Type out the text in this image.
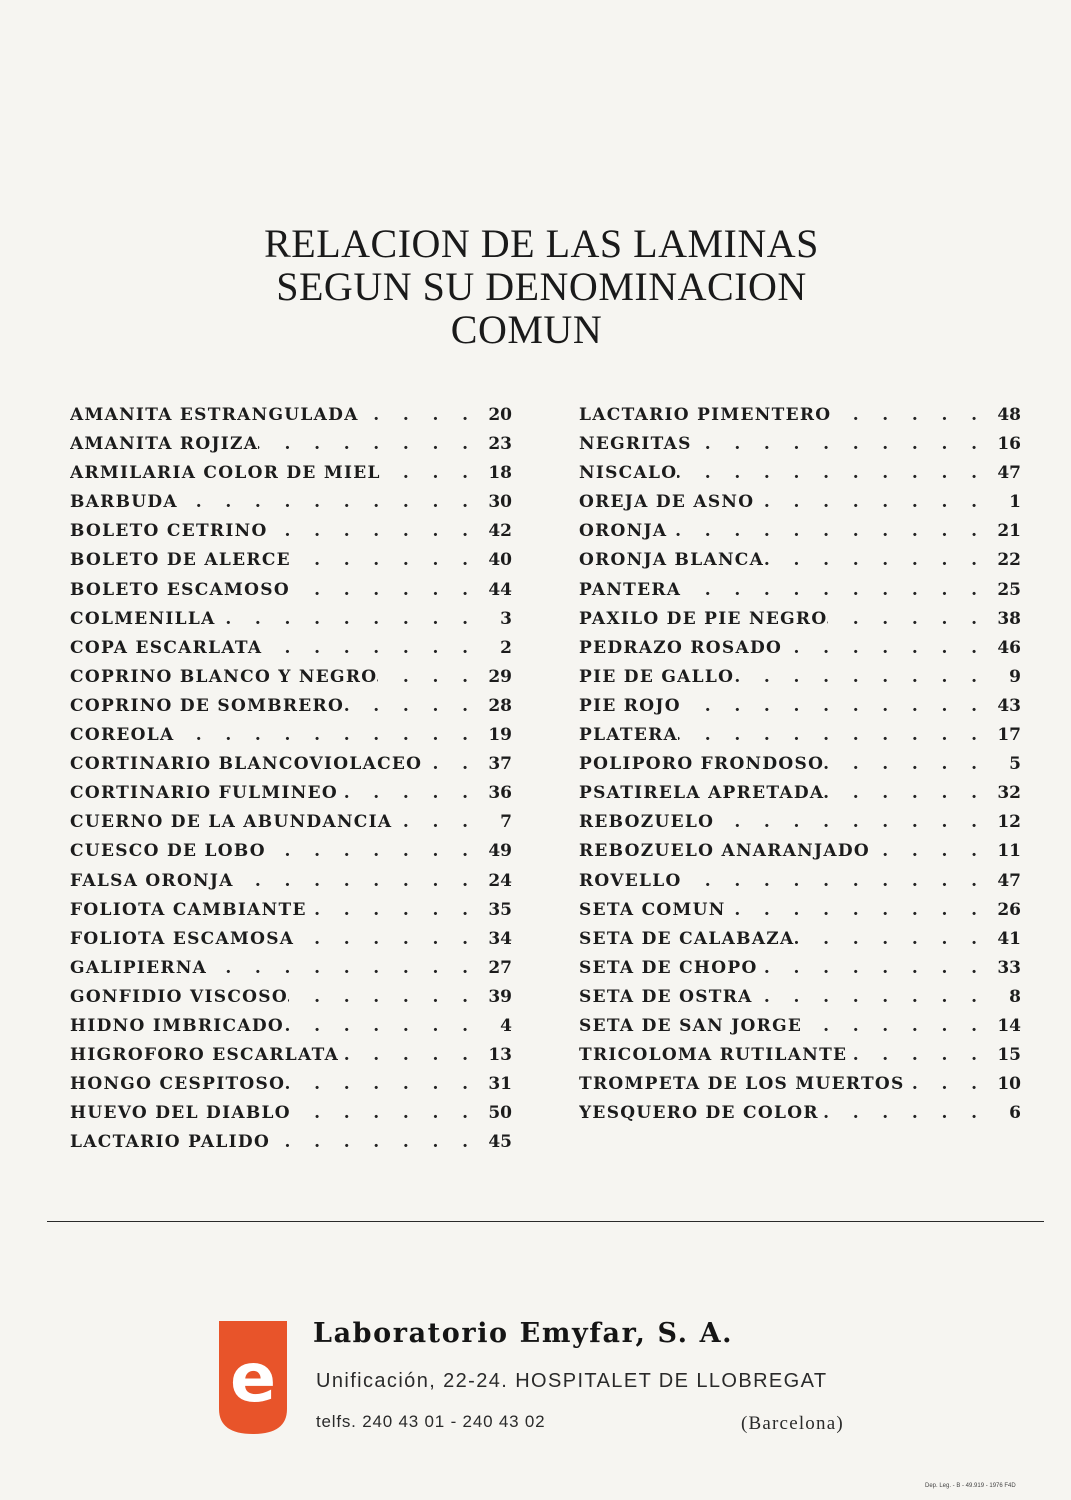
RELACION DE LAS LAMINAS
SEGUN SU DENOMINACION
COMUN
AMANITA ESTRANGULADA .	20
AMANITA ROJIZA .	23
ARMILARIA COLOR DE MIEL .	18
BARBUDA .	30
BOLETO CETRINO .	42
BOLETO DE ALERCE .	40
BOLETO ESCAMOSO .	44
COLMENILLA .	3
COPA ESCARLATA .	2
COPRINO BLANCO Y NEGRO .	29
COPRINO DE SOMBRERO .	28
COREOLA .	19
CORTINARIO BLANCOVIOLACEO .	37
CORTINARIO FULMINEO .	36
CUERNO DE LA ABUNDANCIA .	7
CUESCO DE LOBO .	49
FALSA ORONJA .	24
FOLIOTA CAMBIANTE .	35
FOLIOTA ESCAMOSA .	34
GALIPIERNA .	27
GONFIDIO VISCOSO .	39
HIDNO IMBRICADO .	4
HIGROFORO ESCARLATA .	13
HONGO CESPITOSO .	31
HUEVO DEL DIABLO .	50
LACTARIO PALIDO .	45
LACTARIO PIMENTERO .	48
NEGRITAS .	16
NISCALO .	47
OREJA DE ASNO .	1
ORONJA .	21
ORONJA BLANCA .	22
PANTERA .	25
PAXILO DE PIE NEGRO .	38
PEDRAZO ROSADO .	46
PIE DE GALLO .	9
PIE ROJO .	43
PLATERA .	17
POLIPORO FRONDOSO .	5
PSATIRELA APRETADA .	32
REBOZUELO .	12
REBOZUELO ANARANJADO .	11
ROVELLO .	47
SETA COMUN .	26
SETA DE CALABAZA .	41
SETA DE CHOPO .	33
SETA DE OSTRA .	8
SETA DE SAN JORGE .	14
TRICOLOMA RUTILANTE .	15
TROMPETA DE LOS MUERTOS .	10
YESQUERO DE COLOR .	6
e
Laboratorio Emyfar, S. A.
Unificación, 22-24. HOSPITALET DE LLOBREGAT
telfs. 240 43 01 - 240 43 02	(Barcelona)
Dep. Leg. - B - 49.919 - 1976 F4D
